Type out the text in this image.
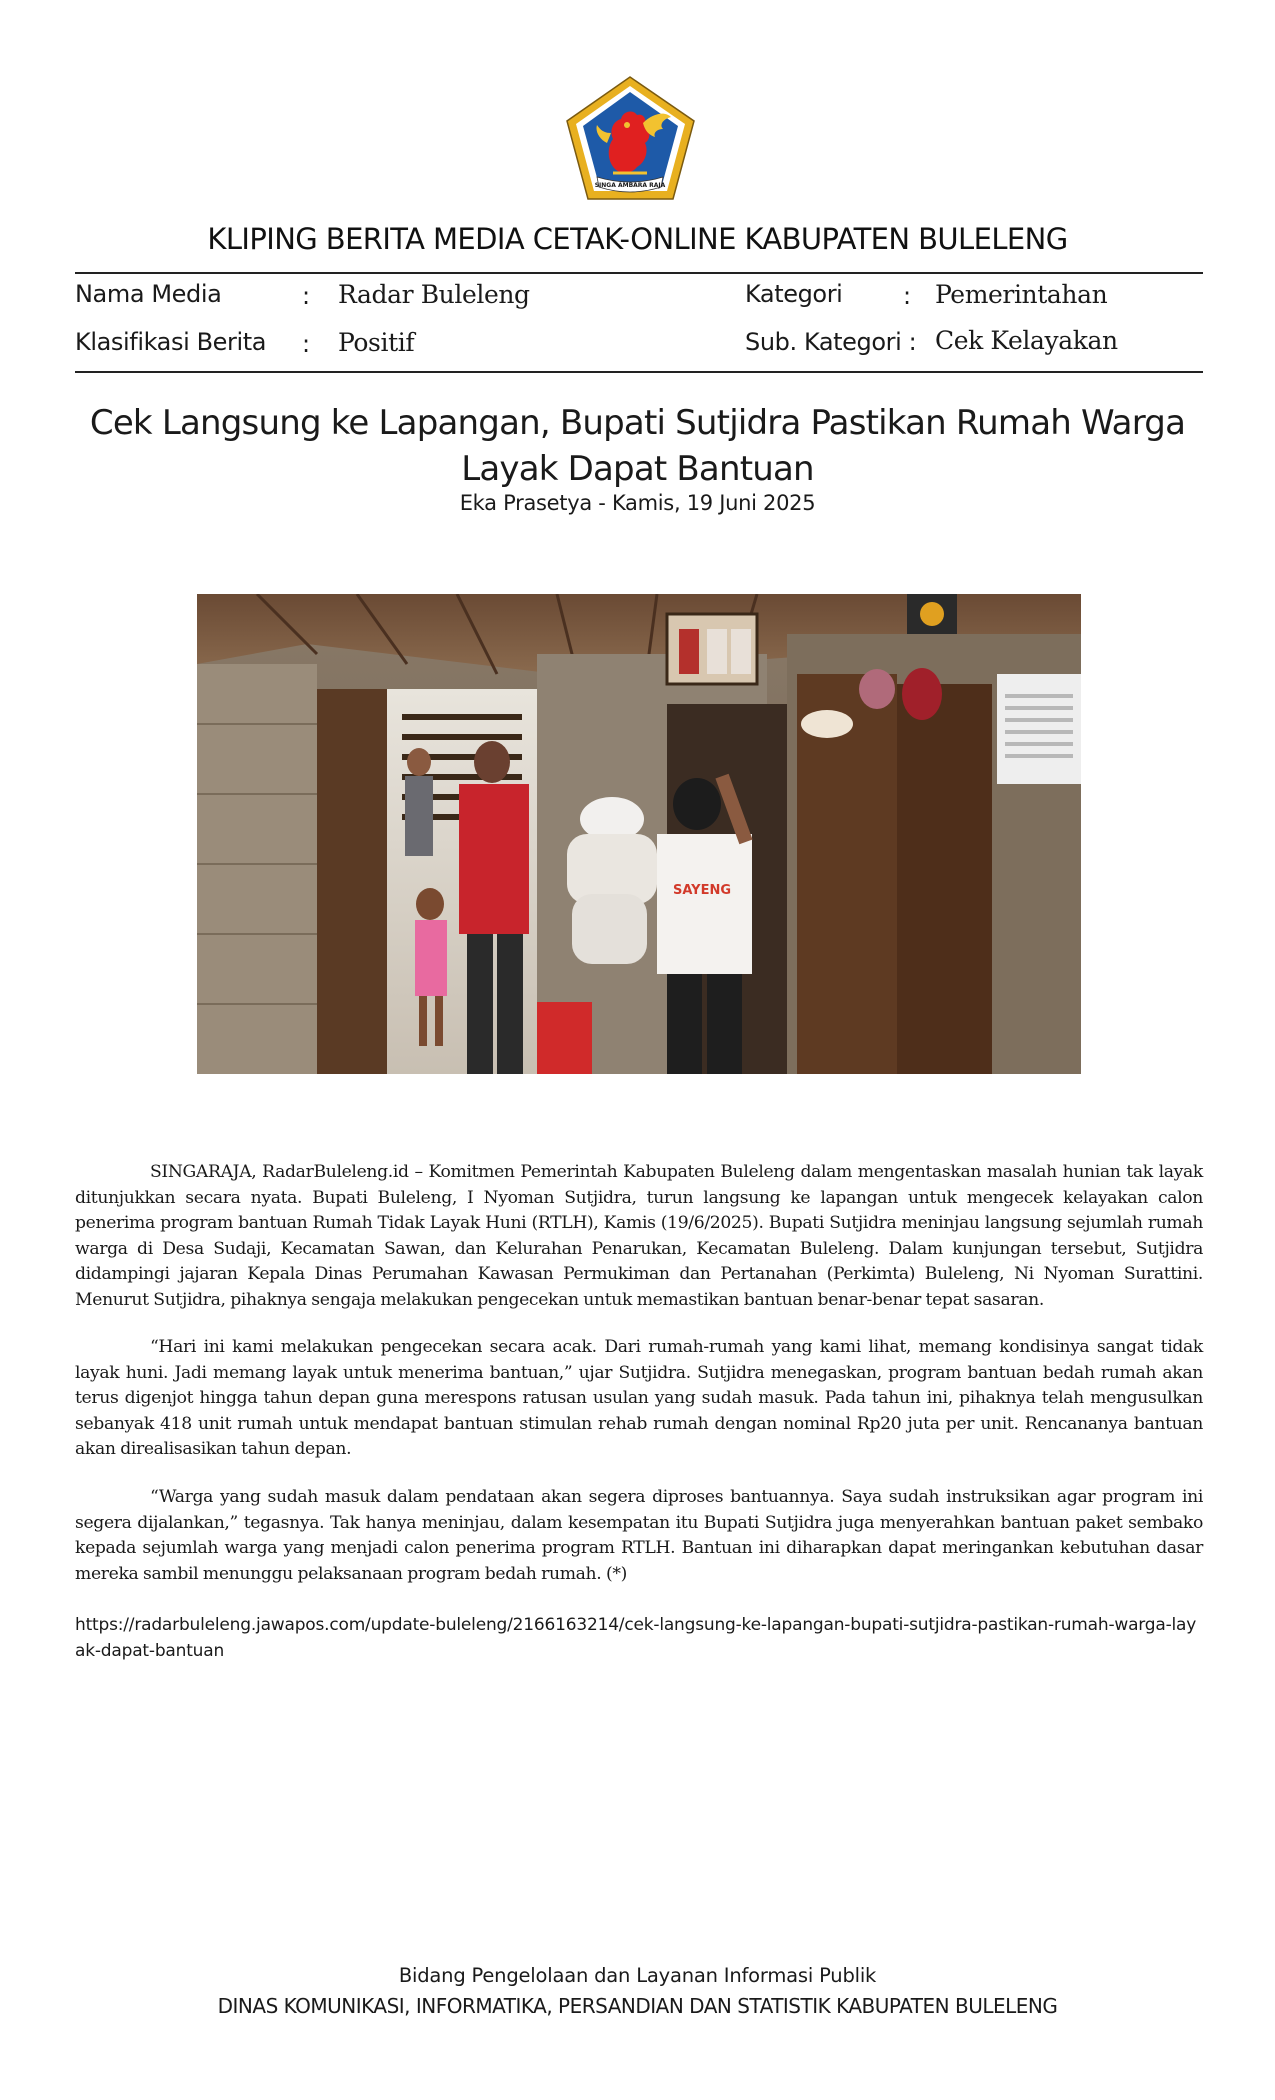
SINGA AMBARA RAJA
KLIPING BERITA MEDIA CETAK-ONLINE KABUPATEN BULELENG
Nama Media	: Radar Buleleng	Kategori	: Pemerintahan
Klasifikasi Berita : Positif	Sub. Kategori : Cek Kelayakan
Cek Langsung ke Lapangan, Bupati Sutjidra Pastikan Rumah Warga Layak Dapat Bantuan
Eka Prasetya - Kamis, 19 Juni 2025
SAYENG
SINGARAJA, RadarBuleleng.id – Komitmen Pemerintah Kabupaten Buleleng dalam mengentaskan masalah hunian tak layak ditunjukkan secara nyata. Bupati Buleleng, I Nyoman Sutjidra, turun langsung ke lapangan untuk mengecek kelayakan calon penerima program bantuan Rumah Tidak Layak Huni (RTLH), Kamis (19/6/2025). Bupati Sutjidra meninjau langsung sejumlah rumah warga di Desa Sudaji, Kecamatan Sawan, dan Kelurahan Penarukan, Kecamatan Buleleng. Dalam kunjungan tersebut, Sutjidra didampingi jajaran Kepala Dinas Perumahan Kawasan Permukiman dan Pertanahan (Perkimta) Buleleng, Ni Nyoman Surattini. Menurut Sutjidra, pihaknya sengaja melakukan pengecekan untuk memastikan bantuan benar-benar tepat sasaran.
“Hari ini kami melakukan pengecekan secara acak. Dari rumah-rumah yang kami lihat, memang kondisinya sangat tidak layak huni. Jadi memang layak untuk menerima bantuan,” ujar Sutjidra. Sutjidra menegaskan, program bantuan bedah rumah akan terus digenjot hingga tahun depan guna merespons ratusan usulan yang sudah masuk. Pada tahun ini, pihaknya telah mengusulkan sebanyak 418 unit rumah untuk mendapat bantuan stimulan rehab rumah dengan nominal Rp20 juta per unit. Rencananya bantuan akan direalisasikan tahun depan.
“Warga yang sudah masuk dalam pendataan akan segera diproses bantuannya. Saya sudah instruksikan agar program ini segera dijalankan,” tegasnya. Tak hanya meninjau, dalam kesempatan itu Bupati Sutjidra juga menyerahkan bantuan paket sembako kepada sejumlah warga yang menjadi calon penerima program RTLH. Bantuan ini diharapkan dapat meringankan kebutuhan dasar mereka sambil menunggu pelaksanaan program bedah rumah. (*)
https://radarbuleleng.jawapos.com/update-buleleng/2166163214/cek-langsung-ke-lapangan-bupati-sutjidra-pastikan-rumah-warga-layak-dapat-bantuan
Bidang Pengelolaan dan Layanan Informasi Publik
DINAS KOMUNIKASI, INFORMATIKA, PERSANDIAN DAN STATISTIK KABUPATEN BULELENG
